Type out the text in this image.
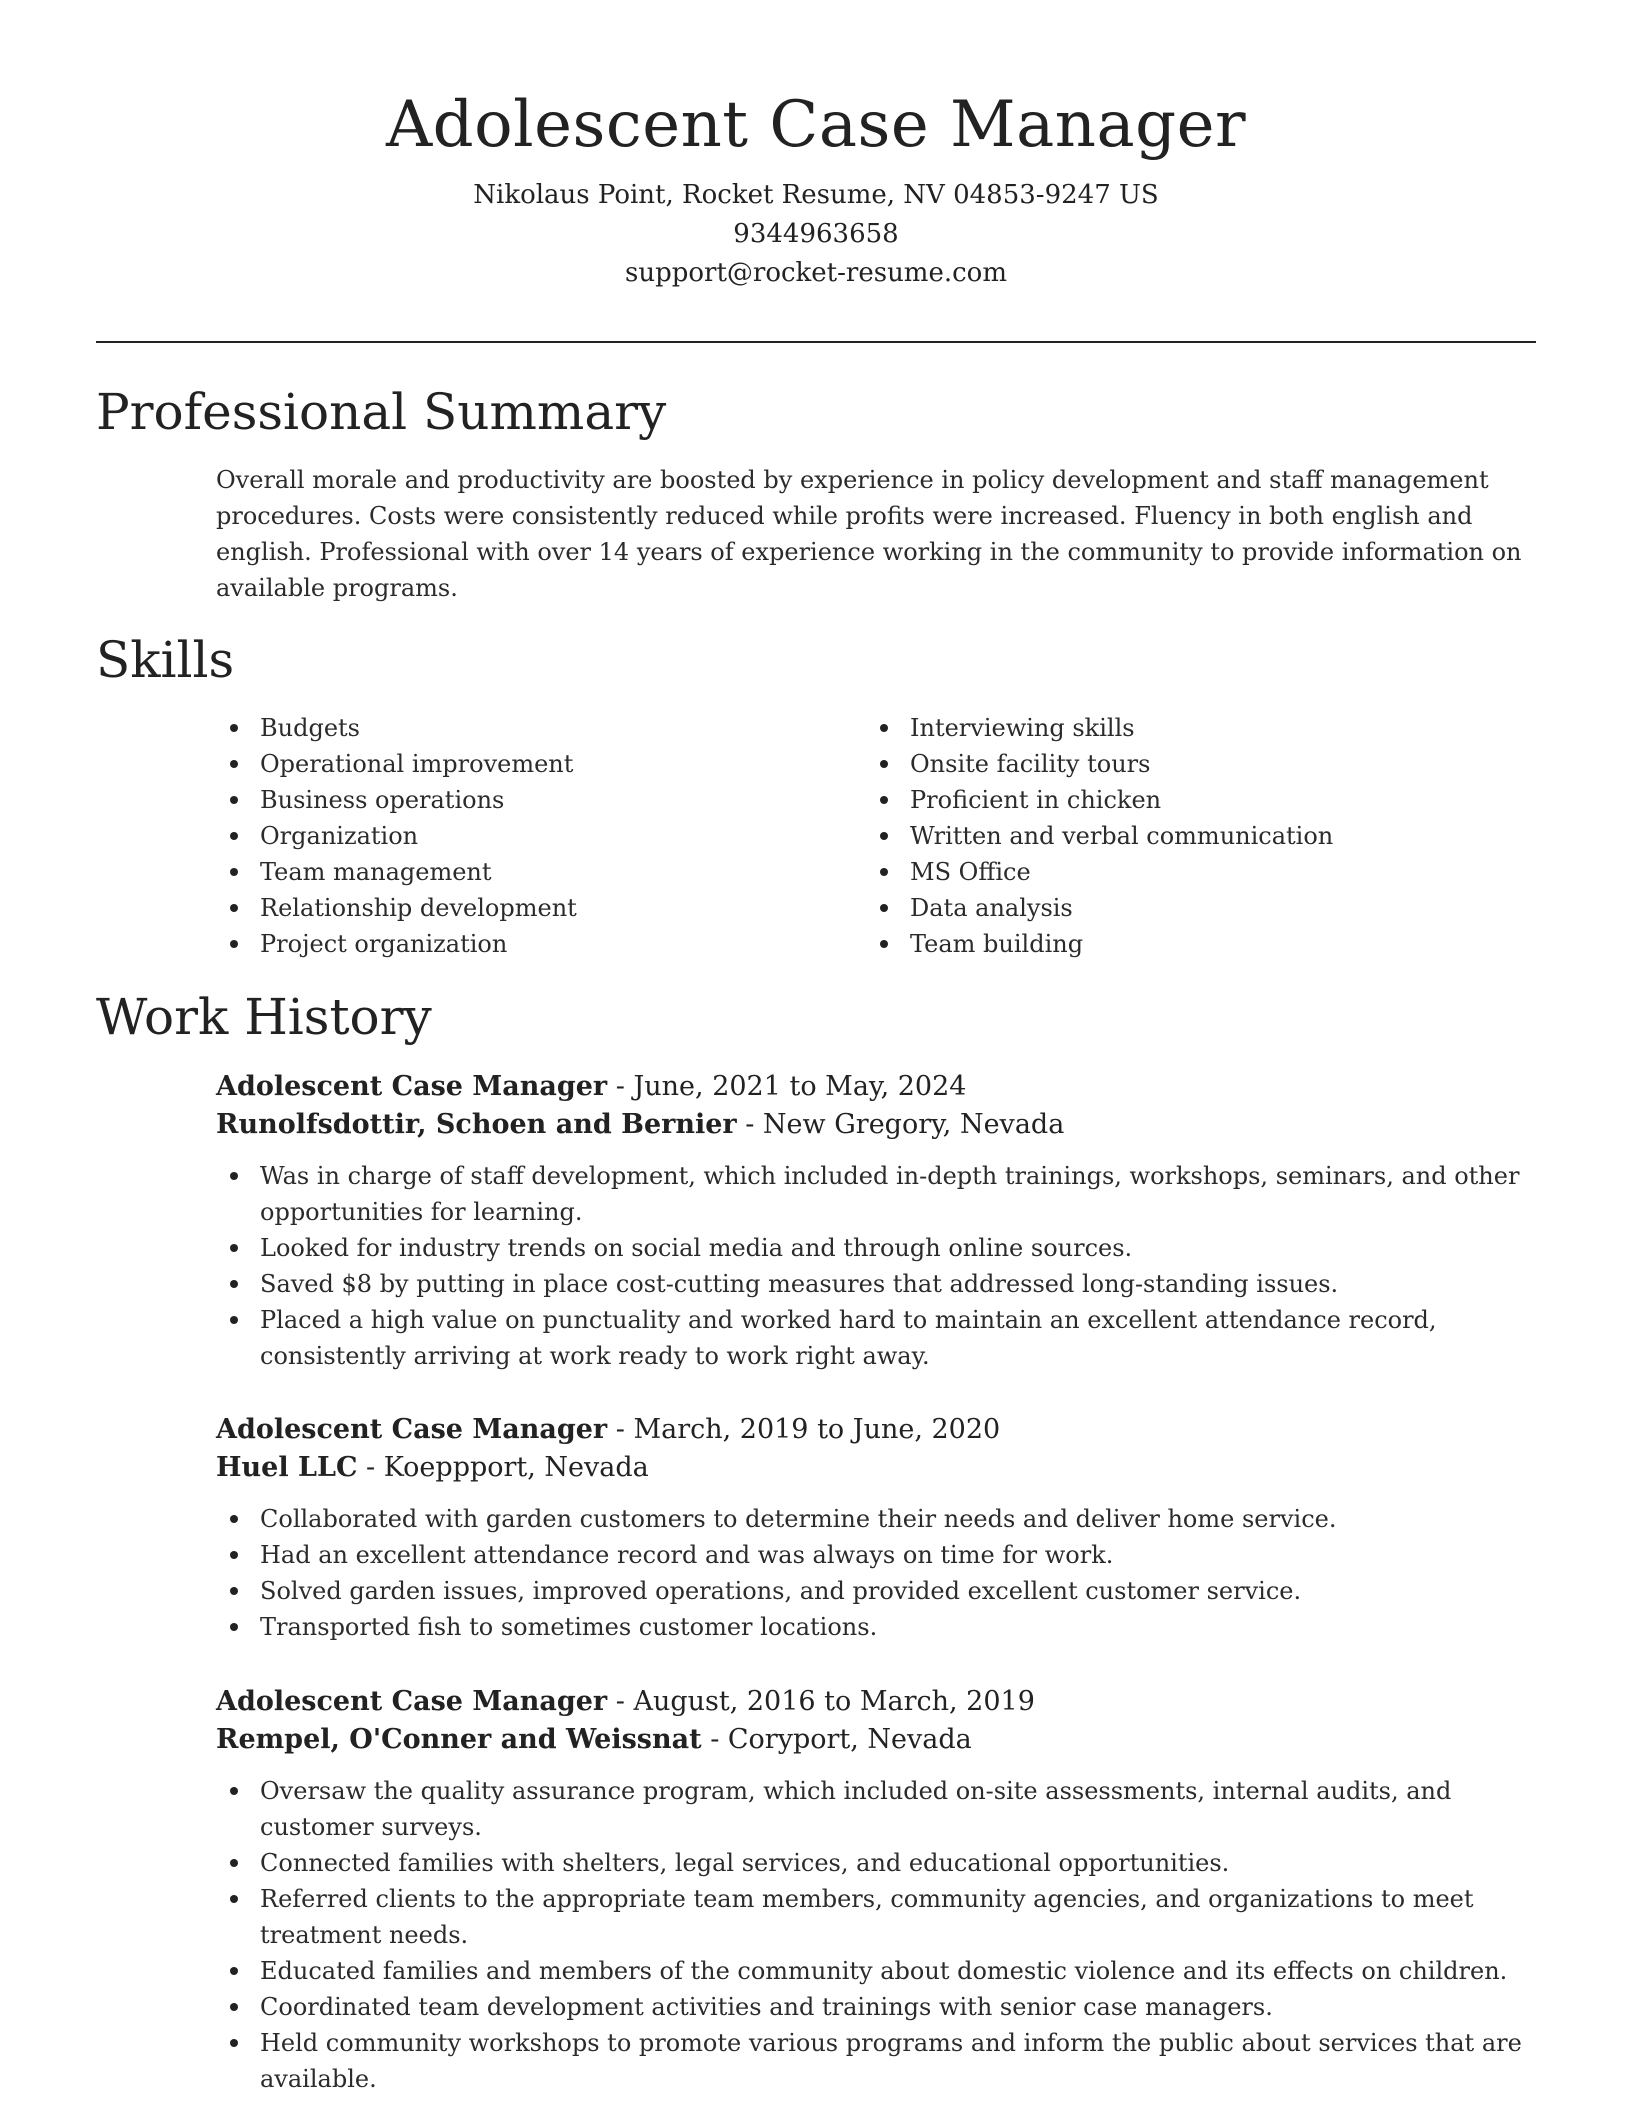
Adolescent Case Manager
Nikolaus Point, Rocket Resume, NV 04853-9247 US
9344963658
support@rocket-resume.com
Professional Summary
Overall morale and productivity are boosted by experience in policy development and staff management procedures. Costs were consistently reduced while profits were increased. Fluency in both english and english. Professional with over 14 years of experience working in the community to provide information on available programs.
Skills
Budgets
Operational improvement
Business operations
Organization
Team management
Relationship development
Project organization
Interviewing skills
Onsite facility tours
Proficient in chicken
Written and verbal communication
MS Office
Data analysis
Team building
Work History
Adolescent Case Manager - June, 2021 to May, 2024
Runolfsdottir, Schoen and Bernier - New Gregory, Nevada
Was in charge of staff development, which included in-depth trainings, workshops, seminars, and other opportunities for learning.
Looked for industry trends on social media and through online sources.
Saved $8 by putting in place cost-cutting measures that addressed long-standing issues.
Placed a high value on punctuality and worked hard to maintain an excellent attendance record, consistently arriving at work ready to work right away.
Adolescent Case Manager - March, 2019 to June, 2020
Huel LLC - Koeppport, Nevada
Collaborated with garden customers to determine their needs and deliver home service.
Had an excellent attendance record and was always on time for work.
Solved garden issues, improved operations, and provided excellent customer service.
Transported fish to sometimes customer locations.
Adolescent Case Manager - August, 2016 to March, 2019
Rempel, O'Conner and Weissnat - Coryport, Nevada
Oversaw the quality assurance program, which included on-site assessments, internal audits, and customer surveys.
Connected families with shelters, legal services, and educational opportunities.
Referred clients to the appropriate team members, community agencies, and organizations to meet treatment needs.
Educated families and members of the community about domestic violence and its effects on children.
Coordinated team development activities and trainings with senior case managers.
Held community workshops to promote various programs and inform the public about services that are available.
